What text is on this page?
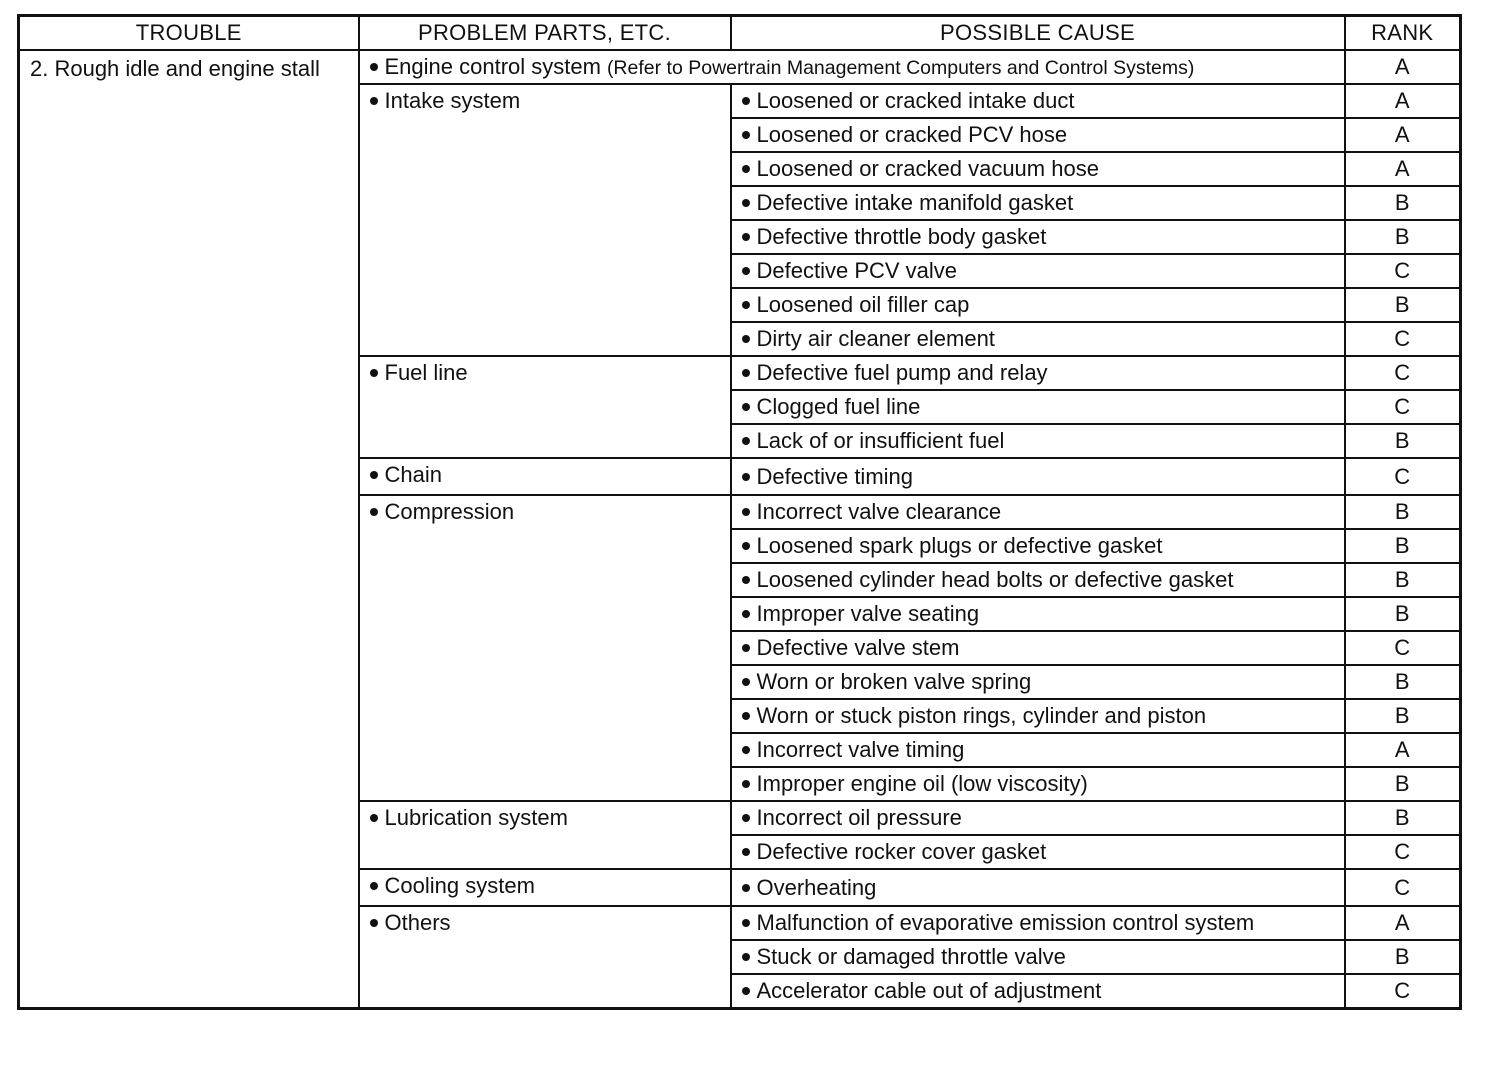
TROUBLE	PROBLEM PARTS, ETC.	POSSIBLE CAUSE	RANK
2. Rough idle and engine stall	Engine control system (Refer to Powertrain Management Computers and Control Systems)		A
	Intake system	Loosened or cracked intake duct	A
		Loosened or cracked PCV hose	A
		Loosened or cracked vacuum hose	A
		Defective intake manifold gasket	B
		Defective throttle body gasket	B
		Defective PCV valve	C
		Loosened oil filler cap	B
		Dirty air cleaner element	C
	Fuel line	Defective fuel pump and relay	C
		Clogged fuel line	C
		Lack of or insufficient fuel	B
	Chain	Defective timing	C
	Compression	Incorrect valve clearance	B
		Loosened spark plugs or defective gasket	B
		Loosened cylinder head bolts or defective gasket	B
		Improper valve seating	B
		Defective valve stem	C
		Worn or broken valve spring	B
		Worn or stuck piston rings, cylinder and piston	B
		Incorrect valve timing	A
		Improper engine oil (low viscosity)	B
	Lubrication system	Incorrect oil pressure	B
		Defective rocker cover gasket	C
	Cooling system	Overheating	C
	Others	Malfunction of evaporative emission control system	A
		Stuck or damaged throttle valve	B
		Accelerator cable out of adjustment	C
